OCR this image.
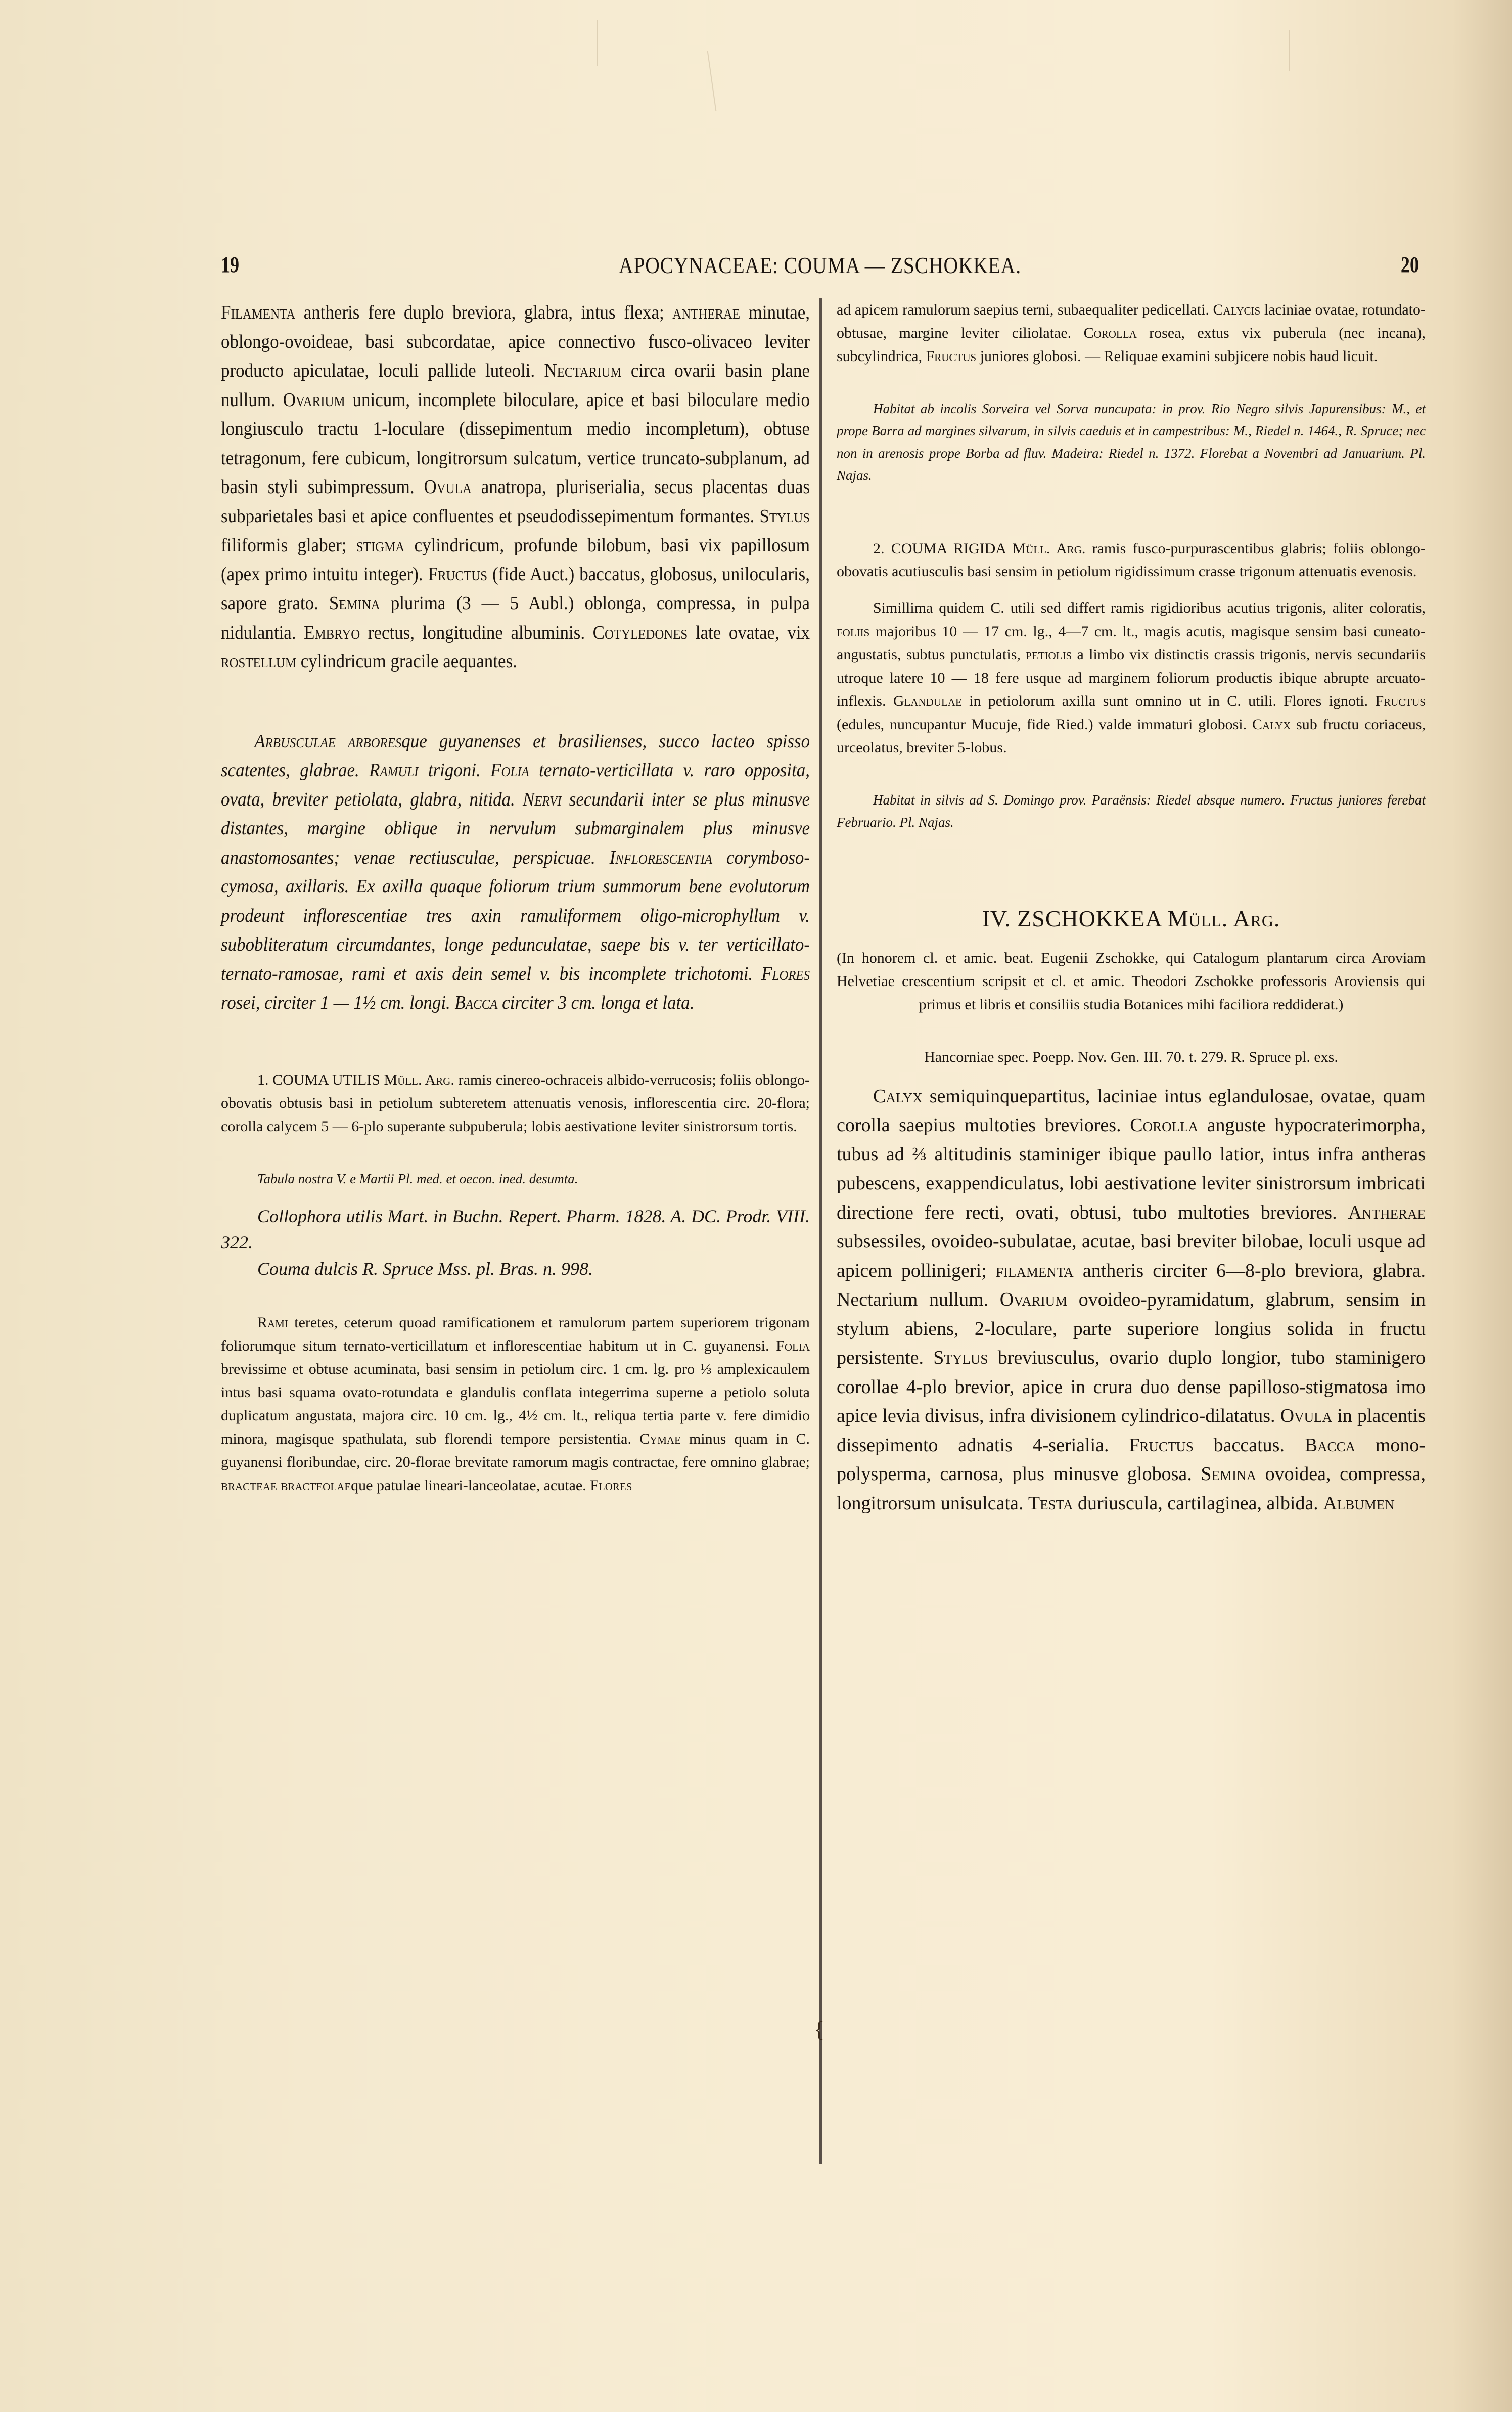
19	APOCYNACEAE: COUMA — ZSCHOKKEA.	20

Filamenta antheris fere duplo breviora, glabra, intus flexa; antherae minutae, oblongo-ovoideae, basi subcordatae, apice connectivo fusco-olivaceo leviter producto apiculatae, loculi pallide luteoli. Nectarium circa ovarii basin plane nullum. Ovarium unicum, incomplete biloculare, apice et basi biloculare medio longiusculo tractu 1-loculare (dissepimentum medio incompletum), obtuse tetragonum, fere cubicum, longitrorsum sulcatum, vertice truncato-subplanum, ad basin styli subimpressum. Ovula anatropa, pluriserialia, secus placentas duas subparietales basi et apice confluentes et pseudodissepimentum formantes. Stylus filiformis glaber; stigma cylindricum, profunde bilobum, basi vix papillosum (apex primo intuitu integer). Fructus (fide Auct.) baccatus, globosus, unilocularis, sapore grato. Semina plurima (3 — 5 Aubl.) oblonga, compressa, in pulpa nidulantia. Embryo rectus, longitudine albuminis. Cotyledones late ovatae, vix rostellum cylindricum gracile aequantes.

Arbusculae arboresque guyanenses et brasilienses, succo lacteo spisso scatentes, glabrae. Ramuli trigoni. Folia ternato-verticillata v. raro opposita, ovata, breviter petiolata, glabra, nitida. Nervi secundarii inter se plus minusve distantes, margine oblique in nervulum submarginalem plus minusve anastomosantes; venae rectiusculae, perspicuae. Inflorescentia corymboso-cymosa, axillaris. Ex axilla quaque foliorum trium summorum bene evolutorum prodeunt inflorescentiae tres axin ramuliformem oligo-microphyllum v. subobliteratum circumdantes, longe pedunculatae, saepe bis v. ter verticillato-ternato-ramosae, rami et axis dein semel v. bis incomplete trichotomi. Flores rosei, circiter 1 — 1½ cm. longi. Bacca circiter 3 cm. longa et lata.

1. COUMA UTILIS Müll. Arg. ramis cinereo-ochraceis albido-verrucosis; foliis oblongo-obovatis obtusis basi in petiolum subteretem attenuatis venosis, inflorescentia circ. 20-flora; corolla calycem 5 — 6-plo superante subpuberula; lobis aestivatione leviter sinistrorsum tortis.

Tabula nostra V. e Martii Pl. med. et oecon. ined. desumta.

Collophora utilis Mart. in Buchn. Repert. Pharm. 1828. A. DC. Prodr. VIII. 322.

Couma dulcis R. Spruce Mss. pl. Bras. n. 998.

Rami teretes, ceterum quoad ramificationem et ramulorum partem superiorem trigonam foliorumque situm ternato-verticillatum et inflorescentiae habitum ut in C. guyanensi. Folia brevissime et obtuse acuminata, basi sensim in petiolum circ. 1 cm. lg. pro ⅓ amplexicaulem intus basi squama ovato-rotundata e glandulis conflata integerrima superne a petiolo soluta duplicatum angustata, majora circ. 10 cm. lg., 4½ cm. lt., reliqua tertia parte v. fere dimidio minora, magisque spathulata, sub florendi tempore persistentia. Cymae minus quam in C. guyanensi floribundae, circ. 20-florae brevitate ramorum magis contractae, fere omnino glabrae; bracteae bracteolaeque patulae lineari-lanceolatae, acutae. Flores

ad apicem ramulorum saepius terni, subaequaliter pedicellati. Calycis laciniae ovatae, rotundato-obtusae, margine leviter ciliolatae. Corolla rosea, extus vix puberula (nec incana), subcylindrica, Fructus juniores globosi. — Reliquae examini subjicere nobis haud licuit.

Habitat ab incolis Sorveira vel Sorva nuncupata: in prov. Rio Negro silvis Japurensibus: M., et prope Barra ad margines silvarum, in silvis caeduis et in campestribus: M., Riedel n. 1464., R. Spruce; nec non in arenosis prope Borba ad fluv. Madeira: Riedel n. 1372. Florebat a Novembri ad Januarium. Pl. Najas.

2. COUMA RIGIDA Müll. Arg. ramis fusco-purpurascentibus glabris; foliis oblongo-obovatis acutiusculis basi sensim in petiolum rigidissimum crasse trigonum attenuatis evenosis.

Simillima quidem C. utili sed differt ramis rigidioribus acutius trigonis, aliter coloratis, foliis majoribus 10 — 17 cm. lg., 4—7 cm. lt., magis acutis, magisque sensim basi cuneato-angustatis, subtus punctulatis, petiolis a limbo vix distinctis crassis trigonis, nervis secundariis utroque latere 10 — 18 fere usque ad marginem foliorum productis ibique abrupte arcuato-inflexis. Glandulae in petiolorum axilla sunt omnino ut in C. utili. Flores ignoti. Fructus (edules, nuncupantur Mucuje, fide Ried.) valde immaturi globosi. Calyx sub fructu coriaceus, urceolatus, breviter 5-lobus.

Habitat in silvis ad S. Domingo prov. Paraënsis: Riedel absque numero. Fructus juniores ferebat Februario. Pl. Najas.

IV. ZSCHOKKEA Müll. Arg.

(In honorem cl. et amic. beat. Eugenii Zschokke, qui Catalogum plantarum circa Aroviam Helvetiae crescentium scripsit et cl. et amic. Theodori Zschokke professoris Aroviensis qui primus et libris et consiliis studia Botanices mihi faciliora reddiderat.)

Hancorniae spec. Poepp. Nov. Gen. III. 70. t. 279. R. Spruce pl. exs.

Calyx semiquinquepartitus, laciniae intus eglandulosae, ovatae, quam corolla saepius multoties breviores. Corolla anguste hypocraterimorpha, tubus ad ⅔ altitudinis staminiger ibique paullo latior, intus infra antheras pubescens, exappendiculatus, lobi aestivatione leviter sinistrorsum imbricati directione fere recti, ovati, obtusi, tubo multoties breviores. Antherae subsessiles, ovoideo-subulatae, acutae, basi breviter bilobae, loculi usque ad apicem pollinigeri; filamenta antheris circiter 6—8-plo breviora, glabra. Nectarium nullum. Ovarium ovoideo-pyramidatum, glabrum, sensim in stylum abiens, 2-loculare, parte superiore longius solida in fructu persistente. Stylus breviusculus, ovario duplo longior, tubo staminigero corollae 4-plo brevior, apice in crura duo dense papilloso-stigmatosa imo apice levia divisus, infra divisionem cylindrico-dilatatus. Ovula in placentis dissepimento adnatis 4-serialia. Fructus baccatus. Bacca mono-polysperma, carnosa, plus minusve globosa. Semina ovoidea, compressa, longitrorsum unisulcata. Testa duriuscula, cartilaginea, albida. Albumen

{
